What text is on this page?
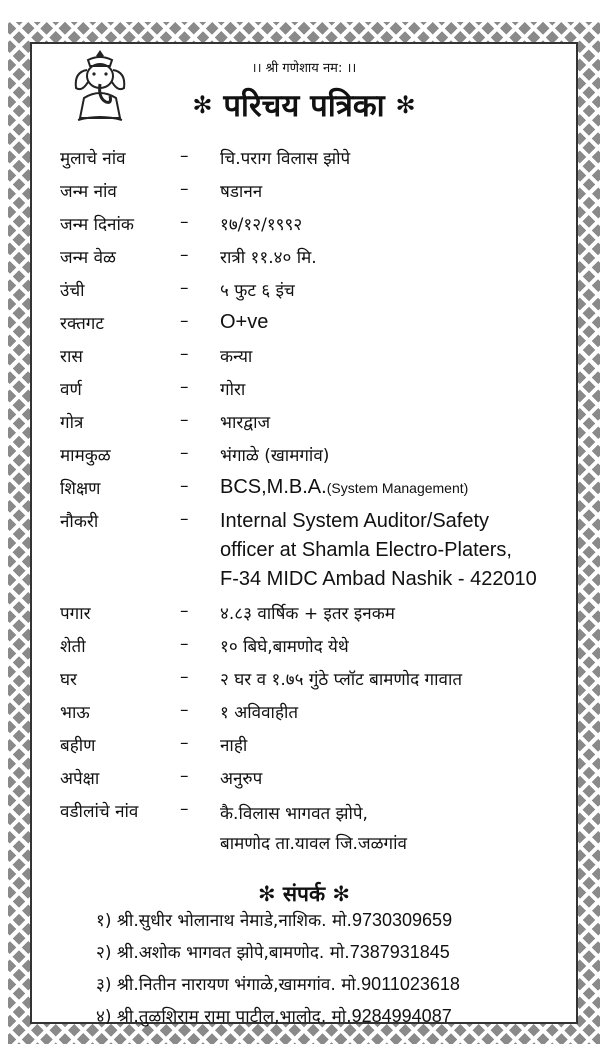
।। श्री गणेशाय नम: ।।
✻ परिचय पत्रिका ✻
मुलाचे नांव	– चि.पराग विलास झोपे
जन्म नांव	– षडानन
जन्म दिनांक	– १७/१२/१९९२
जन्म वेळ	– रात्री ११.४० मि.
उंची	– ५ फुट ६ इंच
रक्तगट	– O+ve
रास	– कन्या
वर्ण	– गोरा
गोत्र	– भारद्वाज
मामकुळ	– भंगाळे (खामगांव)
शिक्षण	– BCS,M.B.A.(System Management)
नौकरी	– Internal System Auditor/Safety
officer at Shamla Electro-Platers,
F-34 MIDC Ambad Nashik - 422010
पगार	– ४.८३ वार्षिक + इतर इनकम
शेती	– १० बिघे,बामणोद येथे
घर	– २ घर व १.७५ गुंठे प्लॉट बामणोद गावात
भाऊ	– १ अविवाहीत
बहीण	– नाही
अपेक्षा	– अनुरुप
वडीलांचे नांव – कै.विलास भागवत झोपे,
बामणोद ता.यावल जि.जळगांव
✻ संपर्क ✻
१) श्री.सुधीर भोलानाथ नेमाडे,नाशिक. मो.9730309659
२) श्री.अशोक भागवत झोपे,बामणोद. मो.7387931845
३) श्री.नितीन नारायण भंगाळे,खामगांव. मो.9011023618
४) श्री.तुळशिराम रामा पाटील,भालोद. मो.9284994087
